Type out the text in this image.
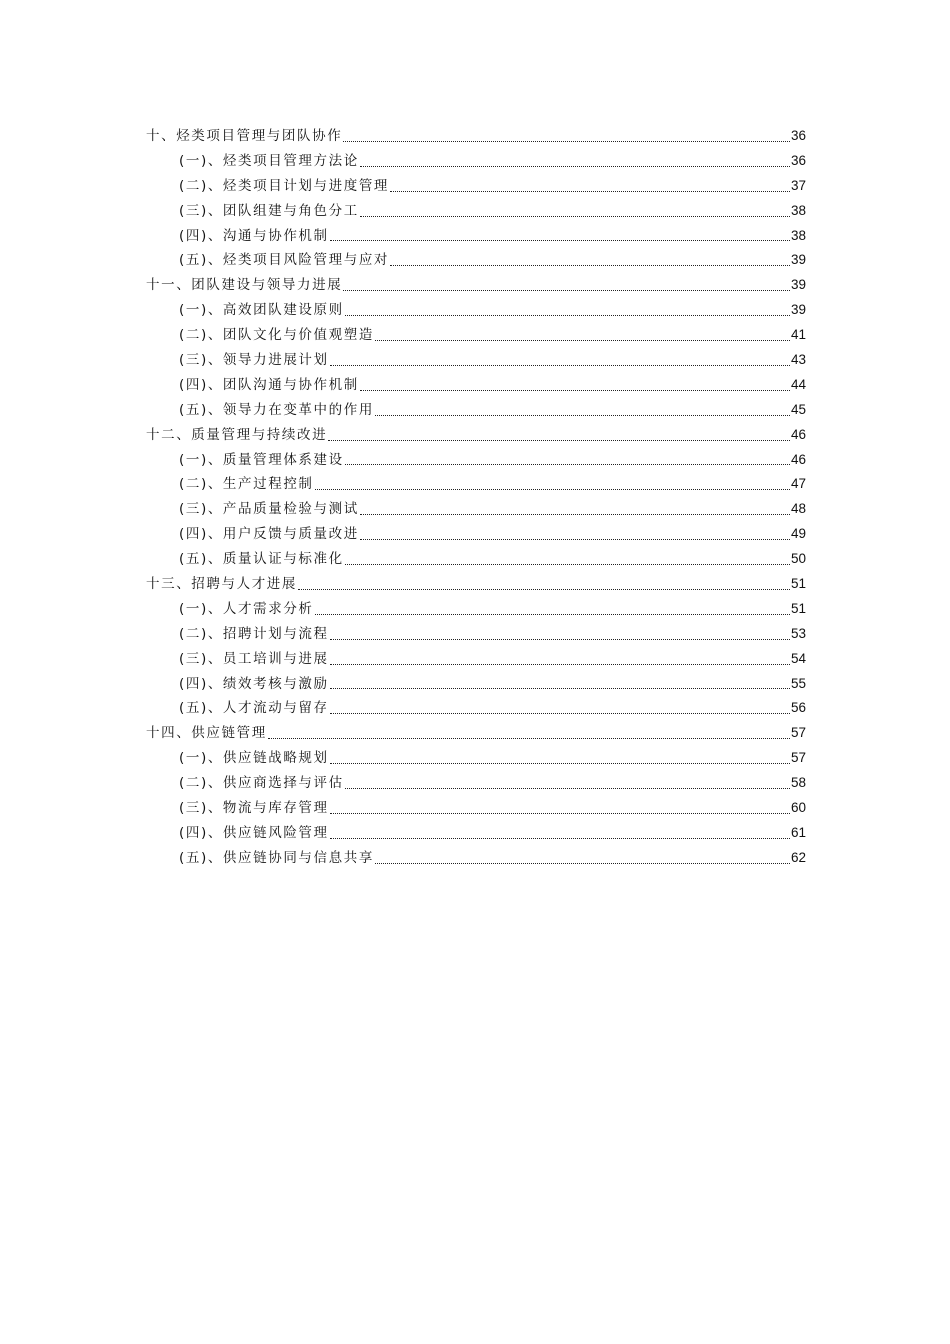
十、烃类项目管理与团队协作	36
(一)、烃类项目管理方法论	36
(二)、烃类项目计划与进度管理	37
(三)、团队组建与角色分工	38
(四)、沟通与协作机制	38
(五)、烃类项目风险管理与应对	39
十一、团队建设与领导力进展	39
(一)、高效团队建设原则	39
(二)、团队文化与价值观塑造	41
(三)、领导力进展计划	43
(四)、团队沟通与协作机制	44
(五)、领导力在变革中的作用	45
十二、质量管理与持续改进	46
(一)、质量管理体系建设	46
(二)、生产过程控制	47
(三)、产品质量检验与测试	48
(四)、用户反馈与质量改进	49
(五)、质量认证与标准化	50
十三、招聘与人才进展	51
(一)、人才需求分析	51
(二)、招聘计划与流程	53
(三)、员工培训与进展	54
(四)、绩效考核与激励	55
(五)、人才流动与留存	56
十四、供应链管理	57
(一)、供应链战略规划	57
(二)、供应商选择与评估	58
(三)、物流与库存管理	60
(四)、供应链风险管理	61
(五)、供应链协同与信息共享	62
